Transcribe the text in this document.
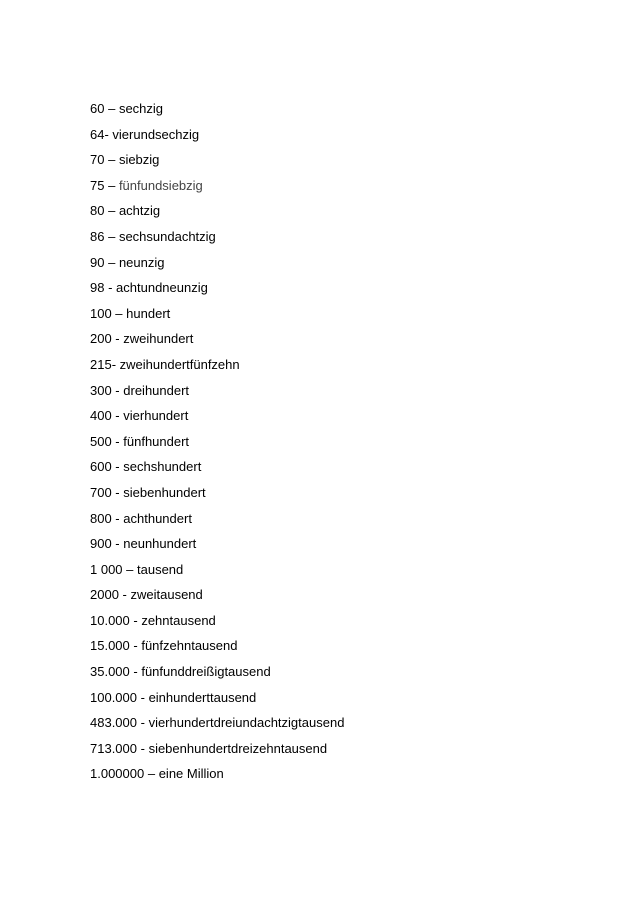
60 – sechzig
64- vierundsechzig
70 – siebzig
75 – fünfundsiebzig
80 – achtzig
86 – sechsundachtzig
90 – neunzig
98 - achtundneunzig
100 – hundert
200 - zweihundert
215- zweihundertfünfzehn
300 - dreihundert
400 - vierhundert
500 - fünfhundert
600 - sechshundert
700 - siebenhundert
800 - achthundert
900 - neunhundert
1 000 – tausend
2000 - zweitausend
10.000 - zehntausend
15.000 - fünfzehntausend
35.000 - fünfunddreißigtausend
100.000 - einhunderttausend
483.000 - vierhundertdreiundachtzigtausend
713.000 - siebenhundertdreizehntausend
1.000000 – eine Million
